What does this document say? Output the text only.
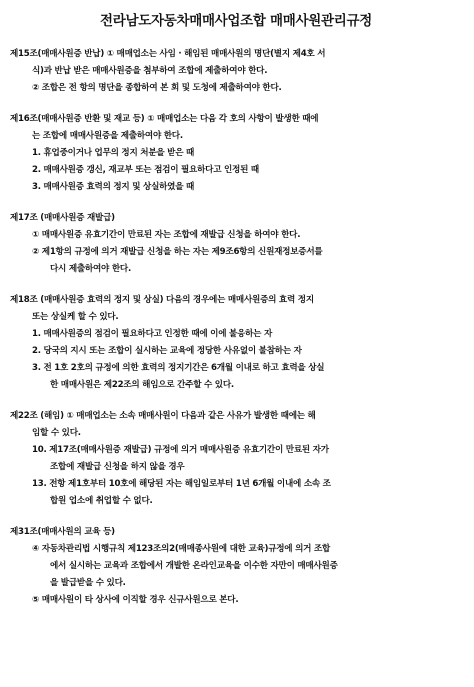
전라남도자동차매매사업조합 매매사원관리규정
제15조(매매사원증 반납) ① 매매업소는 사임 · 해임된 매매사원의 명단(별지 제4호 서
식)과 반납 받은 매매사원증을 첨부하여 조합에 제출하여야 한다.
② 조합은 전 항의 명단을 종합하여 본 회 및 도청에 제출하여야 한다.
제16조(매매사원증 반환 및 재교 등) ① 매매업소는 다음 각 호의 사항이 발생한 때에
는 조합에 매매사원증을 제출하여야 한다.
1. 휴업중이거나 업무의 정지 처분을 받은 때
2. 매매사원증 갱신, 재교부 또는 점검이 필요하다고 인정된 때
3. 매매사원증 효력의 정지 및 상실하였을 때
제17조 (매매사원증 재발급)
① 매매사원증 유효기간이 만료된 자는 조합에 재발급 신청을 하여야 한다.
② 제1항의 규정에 의거 재발급 신청을 하는 자는 제9조6항의 신원재정보증서를
다시 제출하여야 한다.
제18조 (매매사원증 효력의 정지 및 상실) 다음의 경우에는 매매사원증의 효력 정지
또는 상실케 할 수 있다.
1. 매매사원증의 점검이 필요하다고 인정한 때에 이에 불응하는 자
2. 당국의 지시 또는 조합이 실시하는 교육에 정당한 사유없이 불참하는 자
3. 전 1호 2호의 규정에 의한 효력의 정지기간은 6개월 이내로 하고 효력을 상실
한 매매사원은 제22조의 해임으로 간주할 수 있다.
제22조 (해임) ① 매매업소는 소속 매매사원이 다음과 같은 사유가 발생한 때에는 해
임할 수 있다.
10. 제17조(매매사원증 재발급) 규정에 의거 매매사원증 유효기간이 만료된 자가
조합에 재발급 신청을 하지 않을 경우
13. 전항 제1호부터 10호에 해당된 자는 해임일로부터 1년 6개월 이내에 소속 조
합원 업소에 취업할 수 없다.
제31조(매매사원의 교육 등)
④ 자동차관리법 시행규칙 제123조의2(매매종사원에 대한 교육)규정에 의거 조합
에서 실시하는 교육과 조합에서 개발한 온라인교육을 이수한 자만이 매매사원증
을 발급받을 수 있다.
⑤ 매매사원이 타 상사에 이직할 경우 신규사원으로 본다.
